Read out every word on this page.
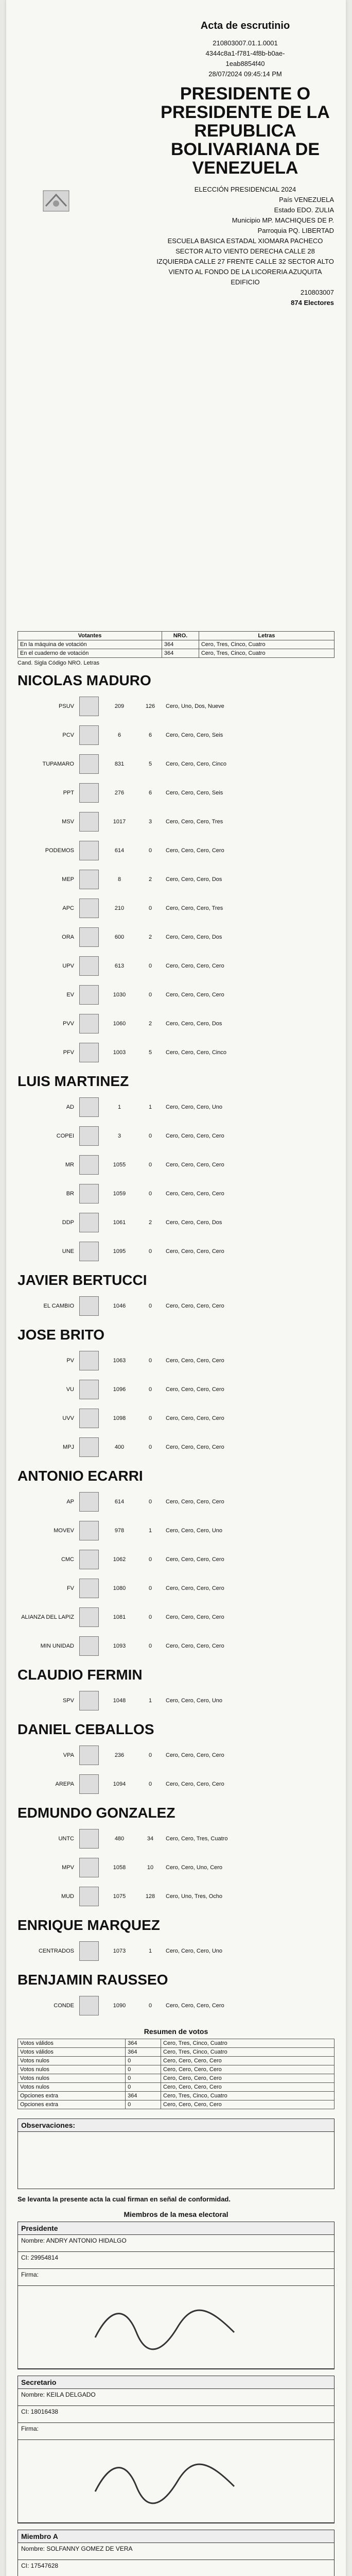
Acta de escrutinio
210803007.01.1.0001
4344c8a1-f781-4f8b-b0ae-
1eab8854f40
28/07/2024 09:45:14 PM
PRESIDENTE O PRESIDENTE DE LA REPUBLICA BOLIVARIANA DE VENEZUELA
ELECCIÓN PRESIDENCIAL 2024
País VENEZUELA
Estado EDO. ZULIA
Municipio MP. MACHIQUES DE P.
Parroquia PQ. LIBERTAD
ESCUELA BASICA ESTADAL XIOMARA PACHECO
SECTOR ALTO VIENTO DERECHA CALLE 28 IZQUIERDA CALLE 27 FRENTE CALLE 32 SECTOR ALTO VIENTO AL FONDO DE LA LICORERIA AZUQUITA EDIFICIO
210803007
874 Electores
Votantes	NRO.	Letras
En la máquina de votación	364	Cero, Tres, Cinco, Cuatro
En el cuaderno de votación	364	Cero, Tres, Cinco, Cuatro
Cand. Sigla Código NRO. Letras
NICOLAS MADURO
PSUV	209	126	Cero, Uno, Dos, Nueve
PCV	6	6	Cero, Cero, Cero, Seis
TUPAMARO	831	5	Cero, Cero, Cero, Cinco
PPT	276	6	Cero, Cero, Cero, Seis
MSV	1017	3	Cero, Cero, Cero, Tres
PODEMOS	614	0	Cero, Cero, Cero, Cero
MEP	8	2	Cero, Cero, Cero, Dos
APC	210	0	Cero, Cero, Cero, Tres
ORA	600	2	Cero, Cero, Cero, Dos
UPV	613	0	Cero, Cero, Cero, Cero
EV	1030	0	Cero, Cero, Cero, Cero
PVV	1060	2	Cero, Cero, Cero, Dos
PFV	1003	5	Cero, Cero, Cero, Cinco
LUIS MARTINEZ
AD	1	1	Cero, Cero, Cero, Uno
COPEI	3	0	Cero, Cero, Cero, Cero
MR	1055	0	Cero, Cero, Cero, Cero
BR	1059	0	Cero, Cero, Cero, Cero
DDP	1061	2	Cero, Cero, Cero, Dos
UNE	1095	0	Cero, Cero, Cero, Cero
JAVIER BERTUCCI
EL CAMBIO	1046	0	Cero, Cero, Cero, Cero
JOSE BRITO
PV	1063	0	Cero, Cero, Cero, Cero
VU	1096	0	Cero, Cero, Cero, Cero
UVV	1098	0	Cero, Cero, Cero, Cero
MPJ	400	0	Cero, Cero, Cero, Cero
ANTONIO ECARRI
AP	614	0	Cero, Cero, Cero, Cero
MOVEV	978	1	Cero, Cero, Cero, Uno
CMC	1062	0	Cero, Cero, Cero, Cero
FV	1080	0	Cero, Cero, Cero, Cero
ALIANZA DEL LAPIZ	1081	0	Cero, Cero, Cero, Cero
MIN UNIDAD	1093	0	Cero, Cero, Cero, Cero
CLAUDIO FERMIN
SPV	1048	1	Cero, Cero, Cero, Uno
DANIEL CEBALLOS
VPA	236	0	Cero, Cero, Cero, Cero
AREPA	1094	0	Cero, Cero, Cero, Cero
EDMUNDO GONZALEZ
UNTC	480	34	Cero, Cero, Tres, Cuatro
MPV	1058	10	Cero, Cero, Uno, Cero
MUD	1075	128	Cero, Uno, Tres, Ocho
ENRIQUE MARQUEZ
CENTRADOS	1073	1	Cero, Cero, Cero, Uno
BENJAMIN RAUSSEO
CONDE	1090	0	Cero, Cero, Cero, Cero
Resumen de votos
Votos válidos	364	Cero, Tres, Cinco, Cuatro
Votos válidos	364	Cero, Tres, Cinco, Cuatro
Votos nulos	0	Cero, Cero, Cero, Cero
Votos nulos	0	Cero, Cero, Cero, Cero
Votos nulos	0	Cero, Cero, Cero, Cero
Votos nulos	0	Cero, Cero, Cero, Cero
Opciones extra	364	Cero, Tres, Cinco, Cuatro
Opciones extra	0	Cero, Cero, Cero, Cero
Observaciones:
Se levanta la presente acta la cual firman en señal de conformidad.
Miembros de la mesa electoral
Presidente
Nombre: ANDRY ANTONIO HIDALGO
CI: 29954814
Firma:
Secretario
Nombre: KEILA DELGADO
CI: 18016438
Firma:
Miembro A
Nombre: SOLFANNY GOMEZ DE VERA
CI: 17547628
